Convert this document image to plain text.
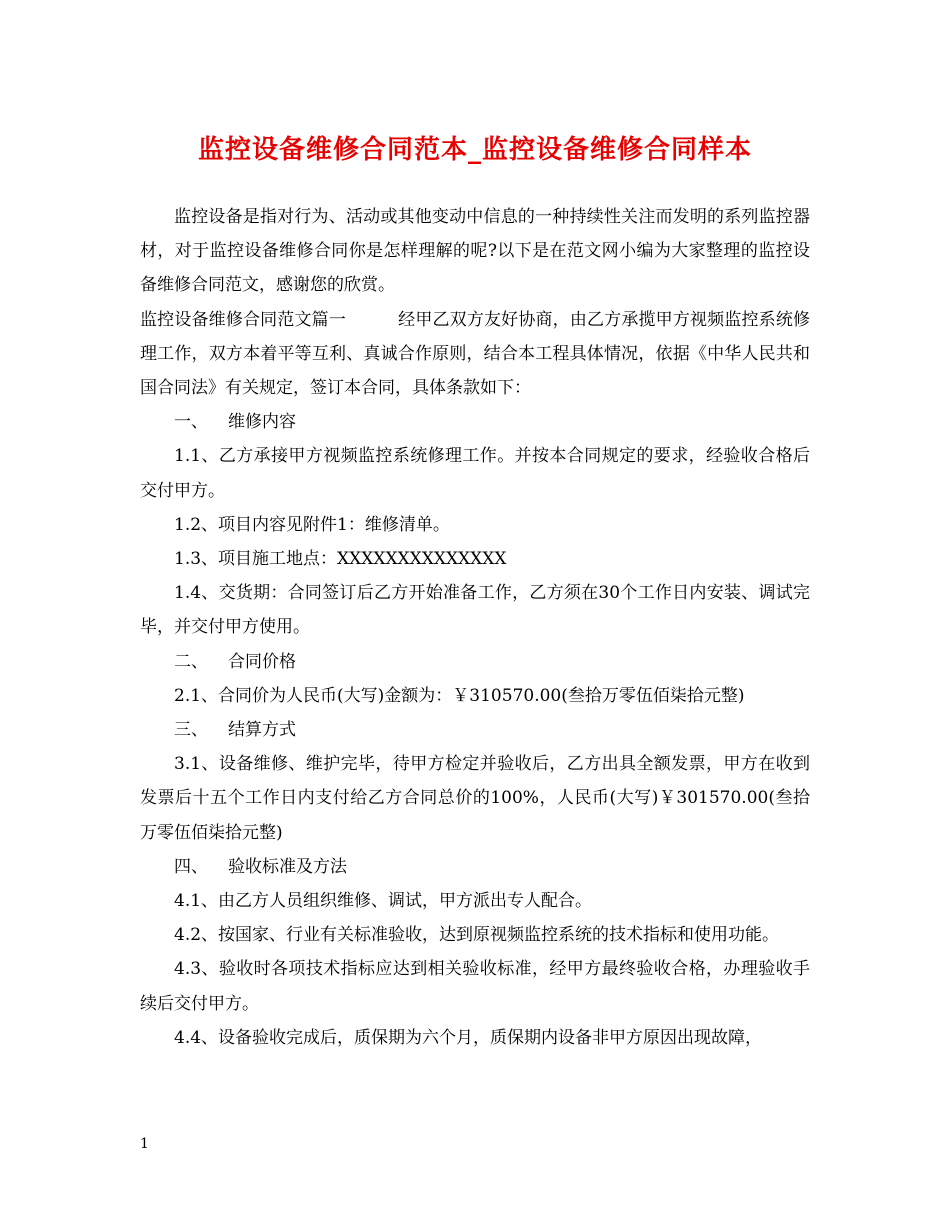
监控设备维修合同范本_监控设备维修合同样本

监控设备是指对行为、活动或其他变动中信息的一种持续性关注而发明的系列监控器材，对于监控设备维修合同你是怎样理解的呢?以下是在范文网小编为大家整理的监控设备维修合同范文，感谢您的欣赏。

监控设备维修合同范文篇一	经甲乙双方友好协商，由乙方承揽甲方视频监控系统修理工作，双方本着平等互利、真诚合作原则，结合本工程具体情况，依据《中华人民共和国合同法》有关规定，签订本合同，具体条款如下：

一、 维修内容

1.1、乙方承接甲方视频监控系统修理工作。并按本合同规定的要求，经验收合格后交付甲方。

1.2、项目内容见附件1：维修清单。

1.3、项目施工地点：XXXXXXXXXXXXXX

1.4、交货期：合同签订后乙方开始准备工作，乙方须在30个工作日内安装、调试完毕，并交付甲方使用。

二、 合同价格

2.1、合同价为人民币(大写)金额为：￥310570.00(叁拾万零伍佰柒拾元整)

三、 结算方式

3.1、设备维修、维护完毕，待甲方检定并验收后，乙方出具全额发票，甲方在收到发票后十五个工作日内支付给乙方合同总价的100%，人民币(大写)￥301570.00(叁拾万零伍佰柒拾元整)

四、 验收标准及方法

4.1、由乙方人员组织维修、调试，甲方派出专人配合。

4.2、按国家、行业有关标准验收，达到原视频监控系统的技术指标和使用功能。

4.3、验收时各项技术指标应达到相关验收标准，经甲方最终验收合格，办理验收手续后交付甲方。

4.4、设备验收完成后，质保期为六个月，质保期内设备非甲方原因出现故障，

1
